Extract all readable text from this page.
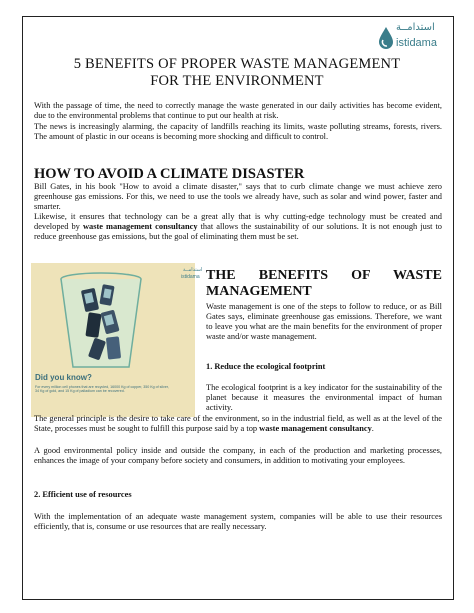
استدامــة
istidama
5 BENEFITS OF PROPER WASTE MANAGEMENT
FOR THE ENVIRONMENT
With the passage of time, the need to correctly manage the waste generated in our daily activities has become evident, due to the environmental problems that continue to put our health at risk.
The news is increasingly alarming, the capacity of landfills reaching its limits, waste polluting streams, forests, rivers. The amount of plastic in our oceans is becoming more shocking and difficult to control.
HOW TO AVOID A CLIMATE DISASTER
Bill Gates, in his book "How to avoid a climate disaster," says that to curb climate change we must achieve zero greenhouse gas emissions. For this, we need to use the tools we already have, such as solar and wind power, faster and smarter.
Likewise, it ensures that technology can be a great ally that is why cutting-edge technology must be created and developed by waste management consultancy that allows the sustainability of our solutions. It is not enough just to reduce greenhouse gas emissions, but the goal of eliminating them must be set.
استدامــة
istidama
Did you know?
For every million cell phones that are recycled, 16000 Kg of copper, 350 Kg of silver, 34 Kg of gold, and 15 Kg of palladium can be recovered.
THE BENEFITS OF WASTE
MANAGEMENT
Waste management is one of the steps to follow to reduce, or as Bill Gates says, eliminate greenhouse gas emissions. Therefore, we want to leave you what are the main benefits for the environment of proper waste and/or waste management.
1. Reduce the ecological footprint
The ecological footprint is a key indicator for the sustainability of the planet because it measures the environmental impact of human activity.
The general principle is the desire to take care of the environment, so in the industrial field, as well as at the level of the State, processes must be sought to fulfill this purpose said by a top waste management consultancy.
A good environmental policy inside and outside the company, in each of the production and marketing processes, enhances the image of your company before society and consumers, in addition to motivating your employees.
2. Efficient use of resources
With the implementation of an adequate waste management system, companies will be able to use their resources efficiently, that is, consume or use resources that are really necessary.
